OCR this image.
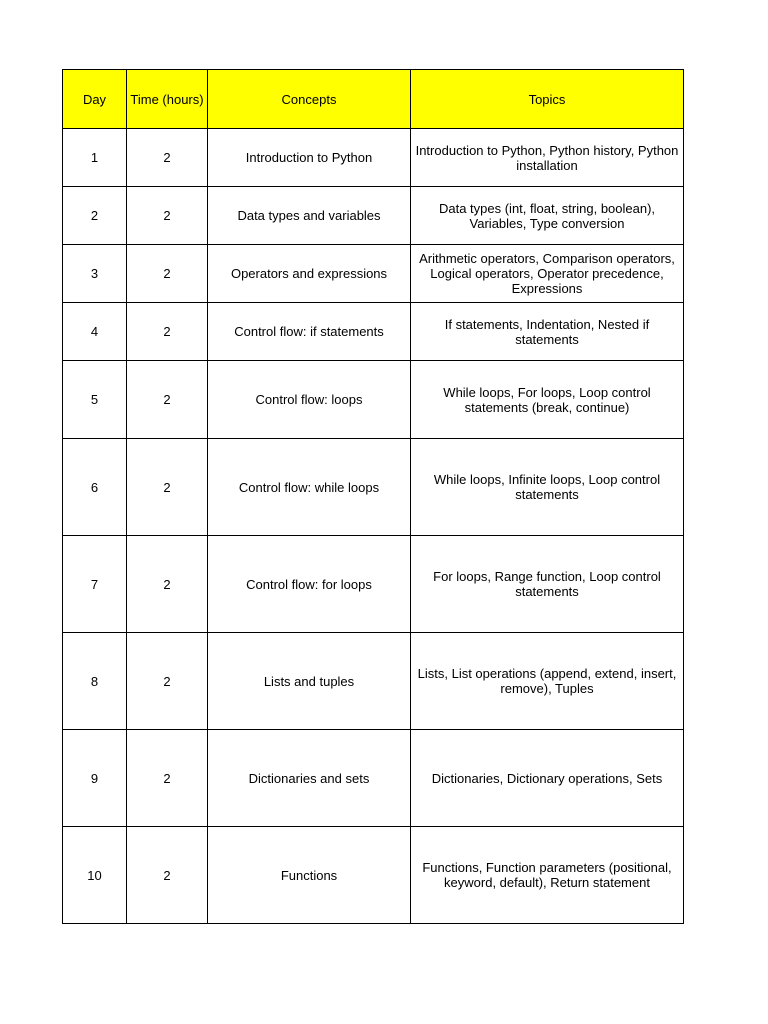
Day	Time (hours)	Concepts	Topics
1	2	Introduction to Python	Introduction to Python, Python history, Python installation
2	2	Data types and variables	Data types (int, float, string, boolean), Variables, Type conversion
3	2	Operators and expressions	Arithmetic operators, Comparison operators, Logical operators, Operator precedence, Expressions
4	2	Control flow: if statements	If statements, Indentation, Nested if statements
5	2	Control flow: loops	While loops, For loops, Loop control statements (break, continue)
6	2	Control flow: while loops	While loops, Infinite loops, Loop control statements
7	2	Control flow: for loops	For loops, Range function, Loop control statements
8	2	Lists and tuples	Lists, List operations (append, extend, insert, remove), Tuples
9	2	Dictionaries and sets	Dictionaries, Dictionary operations, Sets
10	2	Functions	Functions, Function parameters (positional, keyword, default), Return statement
